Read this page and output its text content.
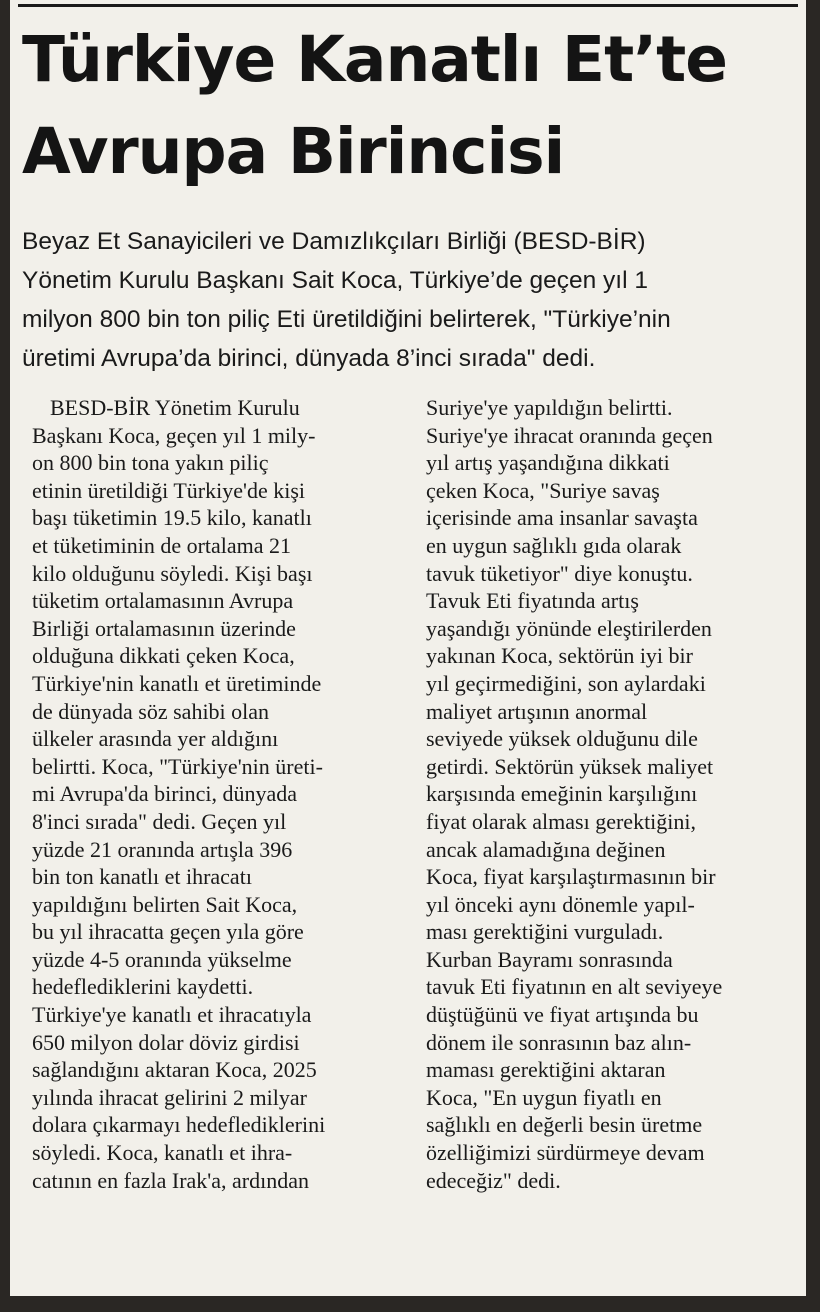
Türkiye Kanatlı Et’te
Avrupa Birincisi

Beyaz Et Sanayicileri ve Damızlıkçıları Birliği (BESD-BİR)
Yönetim Kurulu Başkanı Sait Koca, Türkiye’de geçen yıl 1
milyon 800 bin ton piliç Eti üretildiğini belirterek, "Türkiye’nin
üretimi Avrupa’da birinci, dünyada 8’inci sırada" dedi.

BESD-BİR Yönetim Kurulu
Başkanı Koca, geçen yıl 1 mily-
on 800 bin tona yakın piliç
etinin üretildiği Türkiye'de kişi
başı tüketimin 19.5 kilo, kanatlı
et tüketiminin de ortalama 21
kilo olduğunu söyledi. Kişi başı
tüketim ortalamasının Avrupa
Birliği ortalamasının üzerinde
olduğuna dikkati çeken Koca,
Türkiye'nin kanatlı et üretiminde
de dünyada söz sahibi olan
ülkeler arasında yer aldığını
belirtti. Koca, "Türkiye'nin üreti-
mi Avrupa'da birinci, dünyada
8'inci sırada" dedi. Geçen yıl
yüzde 21 oranında artışla 396
bin ton kanatlı et ihracatı
yapıldığını belirten Sait Koca,
bu yıl ihracatta geçen yıla göre
yüzde 4-5 oranında yükselme
hedeflediklerini kaydetti.
Türkiye'ye kanatlı et ihracatıyla
650 milyon dolar döviz girdisi
sağlandığını aktaran Koca, 2025
yılında ihracat gelirini 2 milyar
dolara çıkarmayı hedeflediklerini
söyledi. Koca, kanatlı et ihra-
catının en fazla Irak'a, ardından
Suriye'ye yapıldığın belirtti.
Suriye'ye ihracat oranında geçen
yıl artış yaşandığına dikkati
çeken Koca, "Suriye savaş
içerisinde ama insanlar savaşta
en uygun sağlıklı gıda olarak
tavuk tüketiyor" diye konuştu.
Tavuk Eti fiyatında artış
yaşandığı yönünde eleştirilerden
yakınan Koca, sektörün iyi bir
yıl geçirmediğini, son aylardaki
maliyet artışının anormal
seviyede yüksek olduğunu dile
getirdi. Sektörün yüksek maliyet
karşısında emeğinin karşılığını
fiyat olarak alması gerektiğini,
ancak alamadığına değinen
Koca, fiyat karşılaştırmasının bir
yıl önceki aynı dönemle yapıl-
ması gerektiğini vurguladı.
Kurban Bayramı sonrasında
tavuk Eti fiyatının en alt seviyeye
düştüğünü ve fiyat artışında bu
dönem ile sonrasının baz alın-
maması gerektiğini aktaran
Koca, "En uygun fiyatlı en
sağlıklı en değerli besin üretme
özelliğimizi sürdürmeye devam
edeceğiz" dedi.
